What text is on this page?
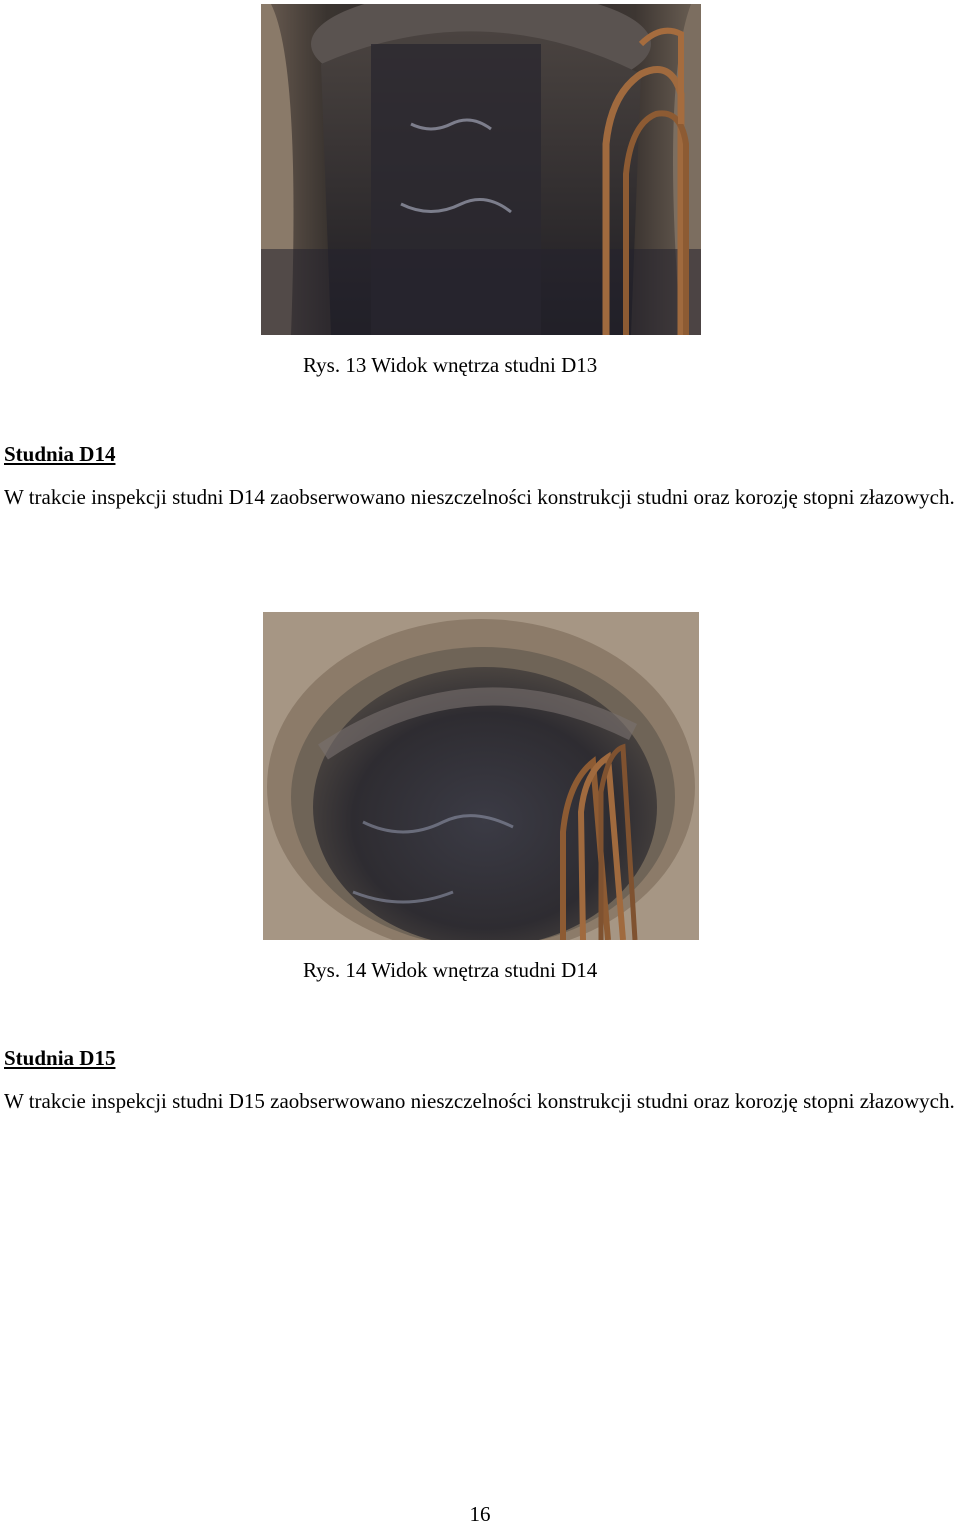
Rys. 13 Widok wnętrza studni D13
Studnia D14
W trakcie inspekcji studni D14 zaobserwowano nieszczelności konstrukcji studni oraz korozję stopni złazowych.
Rys. 14 Widok wnętrza studni D14
Studnia D15
W trakcie inspekcji studni D15 zaobserwowano nieszczelności konstrukcji studni oraz korozję stopni złazowych.
16
